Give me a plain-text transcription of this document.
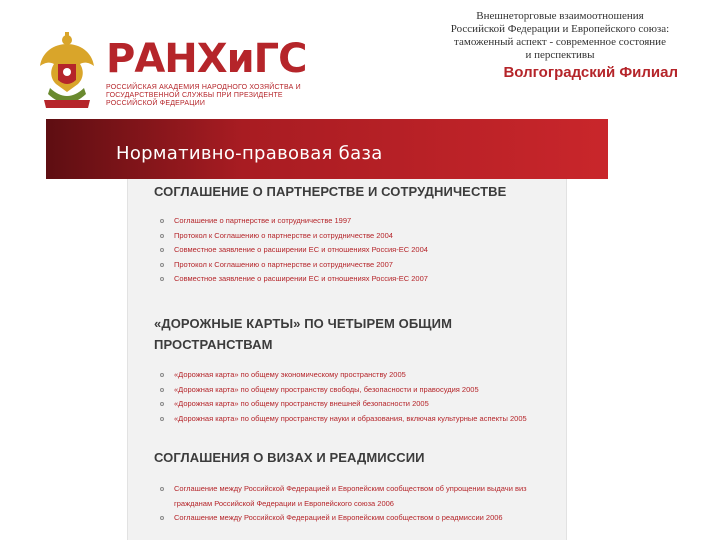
РАНХиГС
РОССИЙСКАЯ АКАДЕМИЯ НАРОДНОГО ХОЗЯЙСТВА И ГОСУДАРСТВЕННОЙ СЛУЖБЫ ПРИ ПРЕЗИДЕНТЕ РОССИЙСКОЙ ФЕДЕРАЦИИ
Внешнеторговые взаимоотношения
Российской Федерации и Европейского союза:
таможенный аспект - современное состояние
и перспективы
Волгоградский Филиал
Нормативно-правовая база
СОГЛАШЕНИЕ О ПАРТНЕРСТВЕ И СОТРУДНИЧЕСТВЕ
Соглашение о партнерстве и сотрудничестве 1997
Протокол к Соглашению о партнерстве и сотрудничестве 2004
Совместное заявление о расширении ЕС и отношениях Россия-ЕС 2004
Протокол к Соглашению о партнерстве и сотрудничестве 2007
Совместное заявление о расширении ЕС и отношениях Россия-ЕС 2007
«ДОРОЖНЫЕ КАРТЫ» ПО ЧЕТЫРЕМ ОБЩИМ
ПРОСТРАНСТВАМ
«Дорожная карта» по общему экономическому пространству 2005
«Дорожная карта» по общему пространству свободы, безопасности и правосудия 2005
«Дорожная карта» по общему пространству внешней безопасности 2005
«Дорожная карта» по общему пространству науки и образования, включая культурные аспекты 2005
СОГЛАШЕНИЯ О ВИЗАХ И РЕАДМИССИИ
Соглашение между Российской Федерацией и Европейским сообществом об упрощении выдачи виз гражданам Российской Федерации и Европейского союза 2006
Соглашение между Российской Федерацией и Европейским сообществом о реадмиссии 2006
